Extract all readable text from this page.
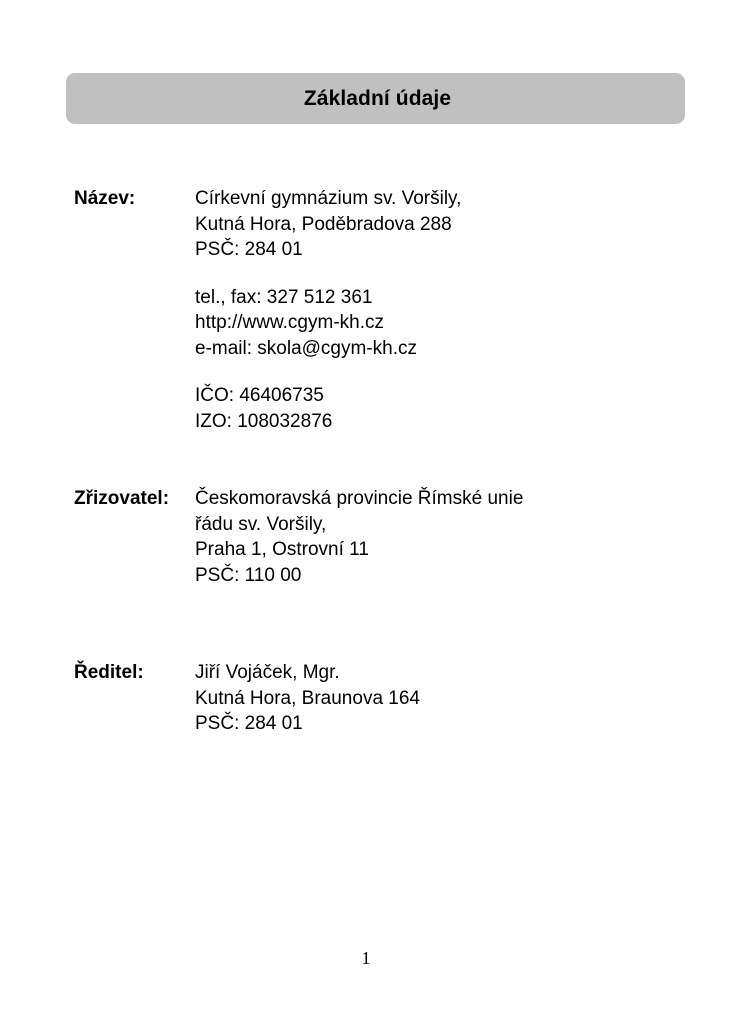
Základní údaje
Název:	Církevní gymnázium sv. Voršily,
Kutná Hora, Poděbradova 288
PSČ: 284 01
tel., fax: 327 512 361
http://www.cgym-kh.cz
e-mail: skola@cgym-kh.cz
IČO: 46406735
IZO: 108032876
Zřizovatel: Českomoravská provincie Římské unie
řádu sv. Voršily,
Praha 1, Ostrovní 11
PSČ: 110 00
Ředitel:	Jiří Vojáček, Mgr.
Kutná Hora, Braunova 164
PSČ: 284 01
1
